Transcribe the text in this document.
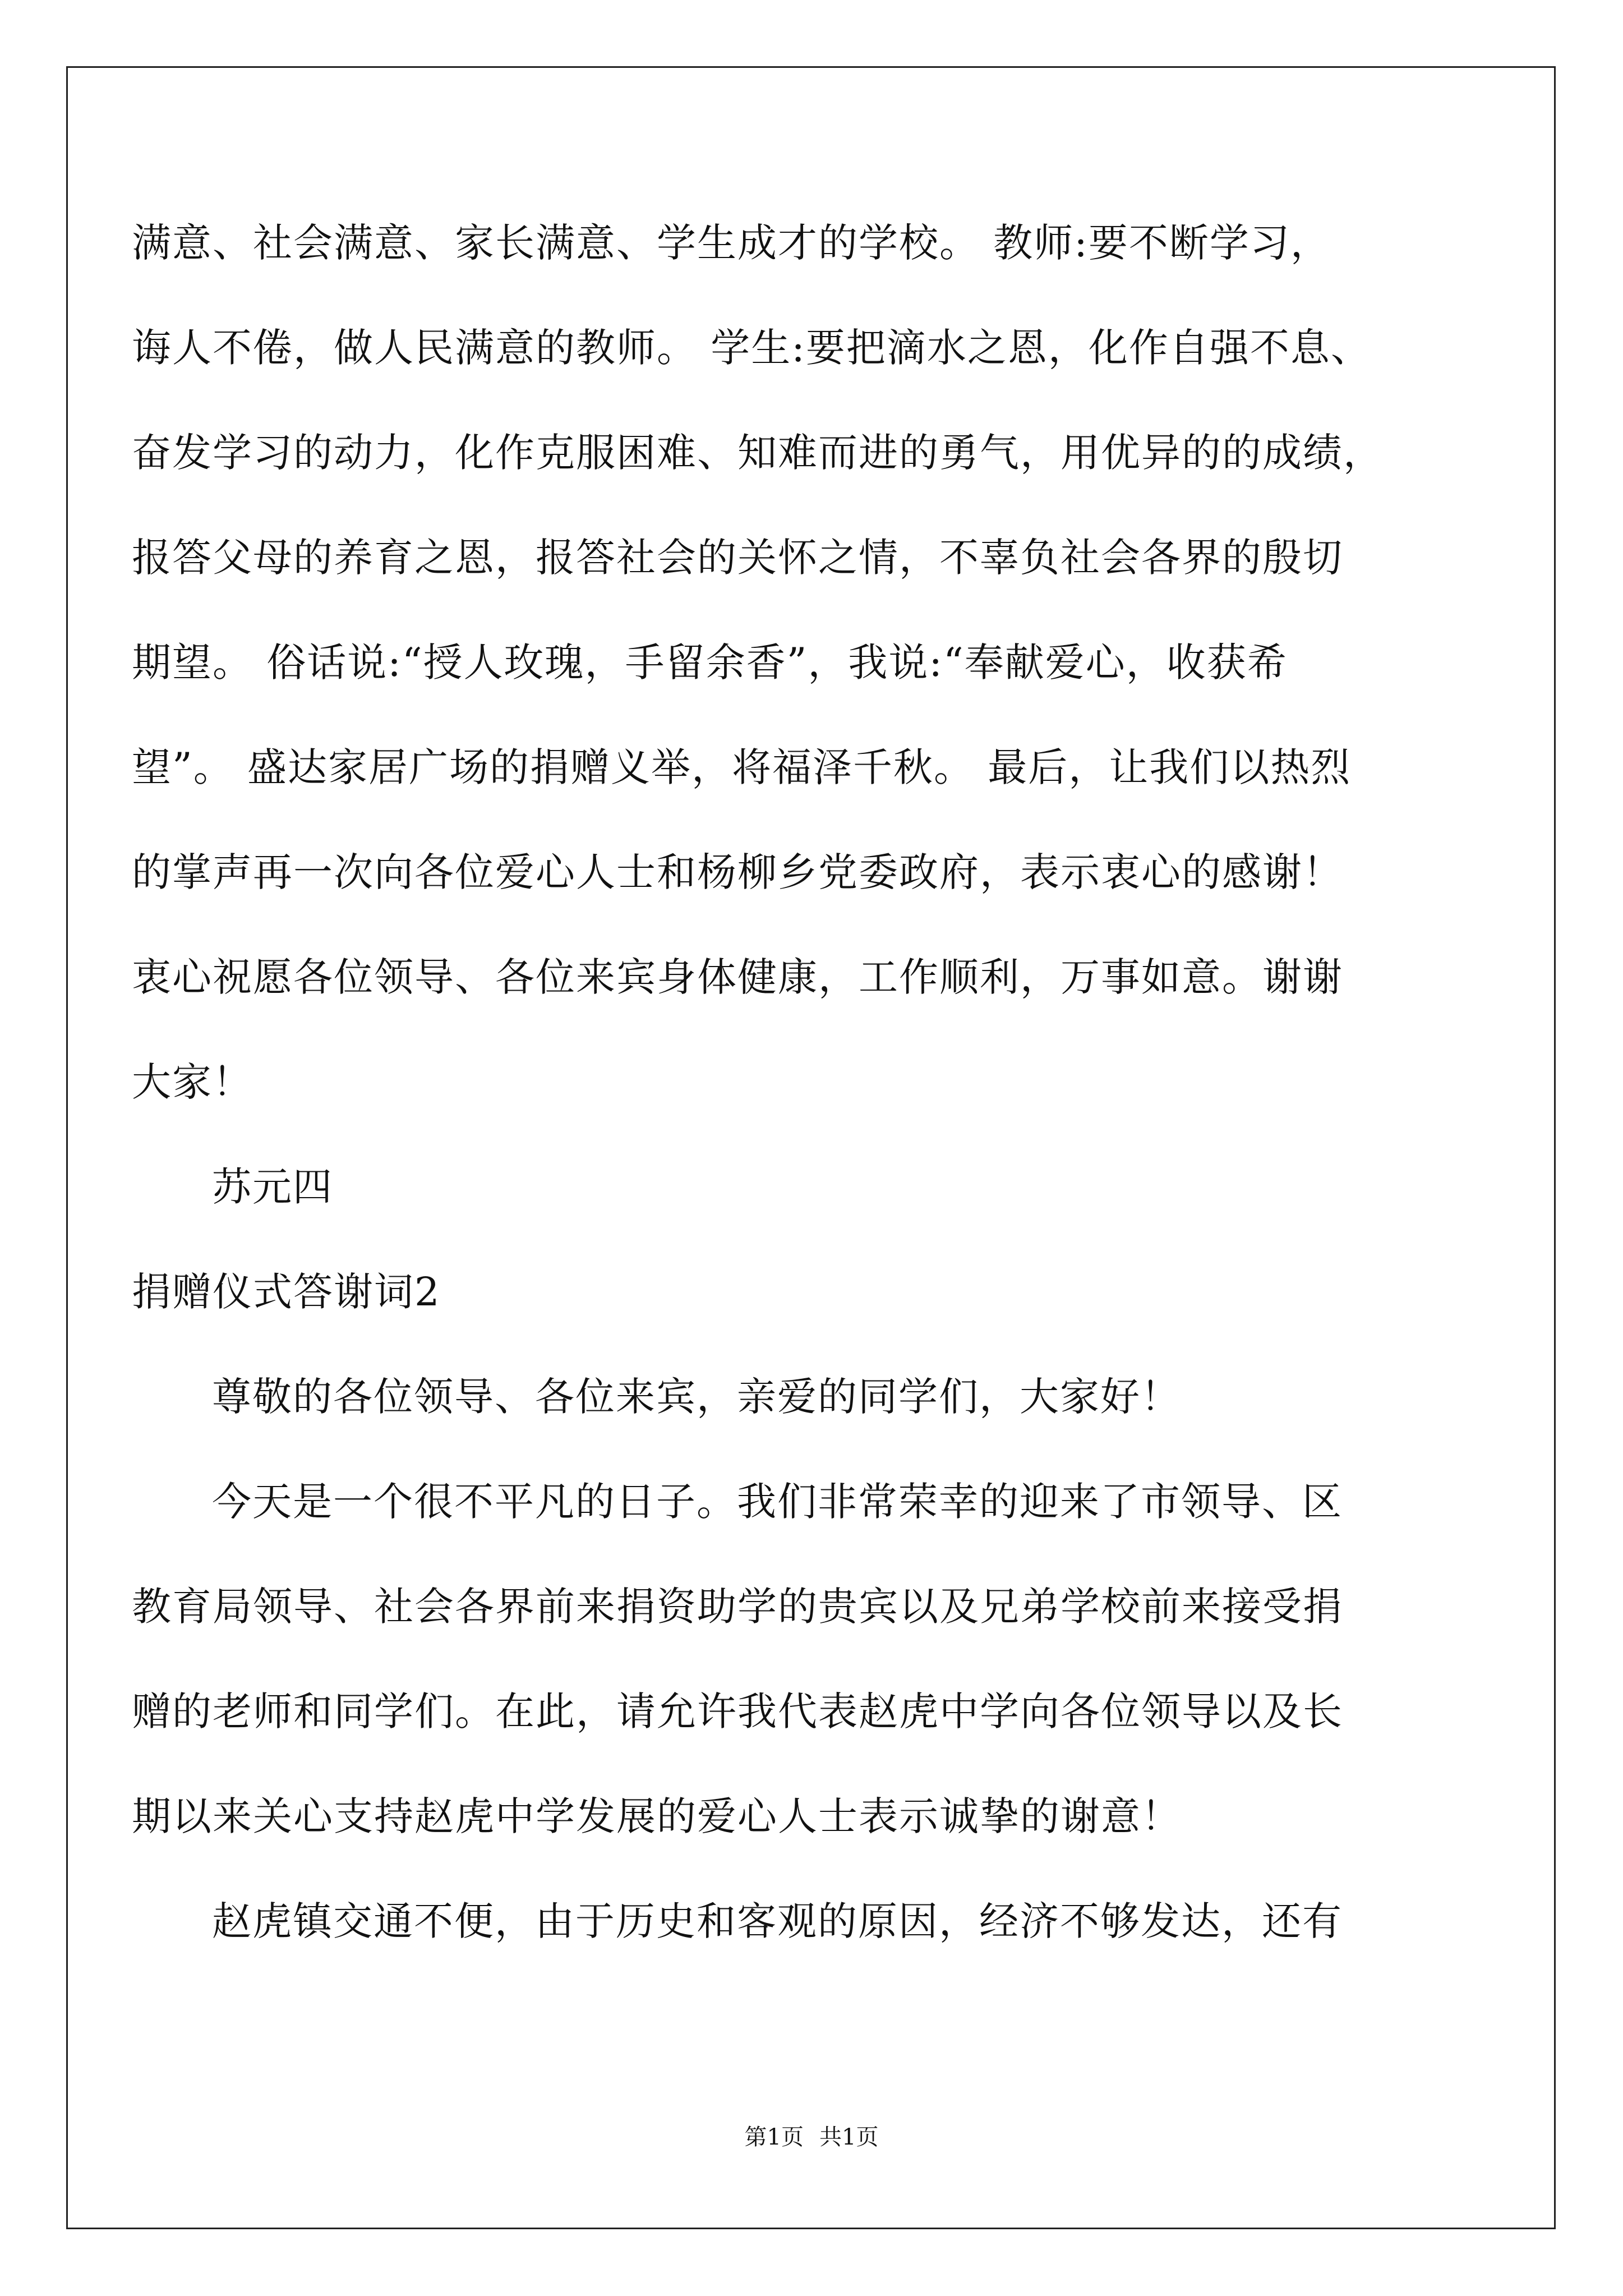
满意、社会满意、家长满意、学生成才的学校。 教师:要不断学习，
诲人不倦，做人民满意的教师。 学生:要把滴水之恩，化作自强不息、
奋发学习的动力，化作克服困难、知难而进的勇气，用优异的的成绩，
报答父母的养育之恩，报答社会的关怀之情，不辜负社会各界的殷切
期望。 俗话说:“授人玫瑰，手留余香”，我说:“奉献爱心，收获希
望”。 盛达家居广场的捐赠义举，将福泽千秋。 最后，让我们以热烈
的掌声再一次向各位爱心人士和杨柳乡党委政府，表示衷心的感谢！
衷心祝愿各位领导、各位来宾身体健康，工作顺利，万事如意。谢谢
大家！
苏元四
捐赠仪式答谢词2
尊敬的各位领导、各位来宾，亲爱的同学们，大家好！
今天是一个很不平凡的日子。我们非常荣幸的迎来了市领导、区
教育局领导、社会各界前来捐资助学的贵宾以及兄弟学校前来接受捐
赠的老师和同学们。在此，请允许我代表赵虎中学向各位领导以及长
期以来关心支持赵虎中学发展的爱心人士表示诚挚的谢意！
赵虎镇交通不便，由于历史和客观的原因，经济不够发达，还有
第1页 共1页
